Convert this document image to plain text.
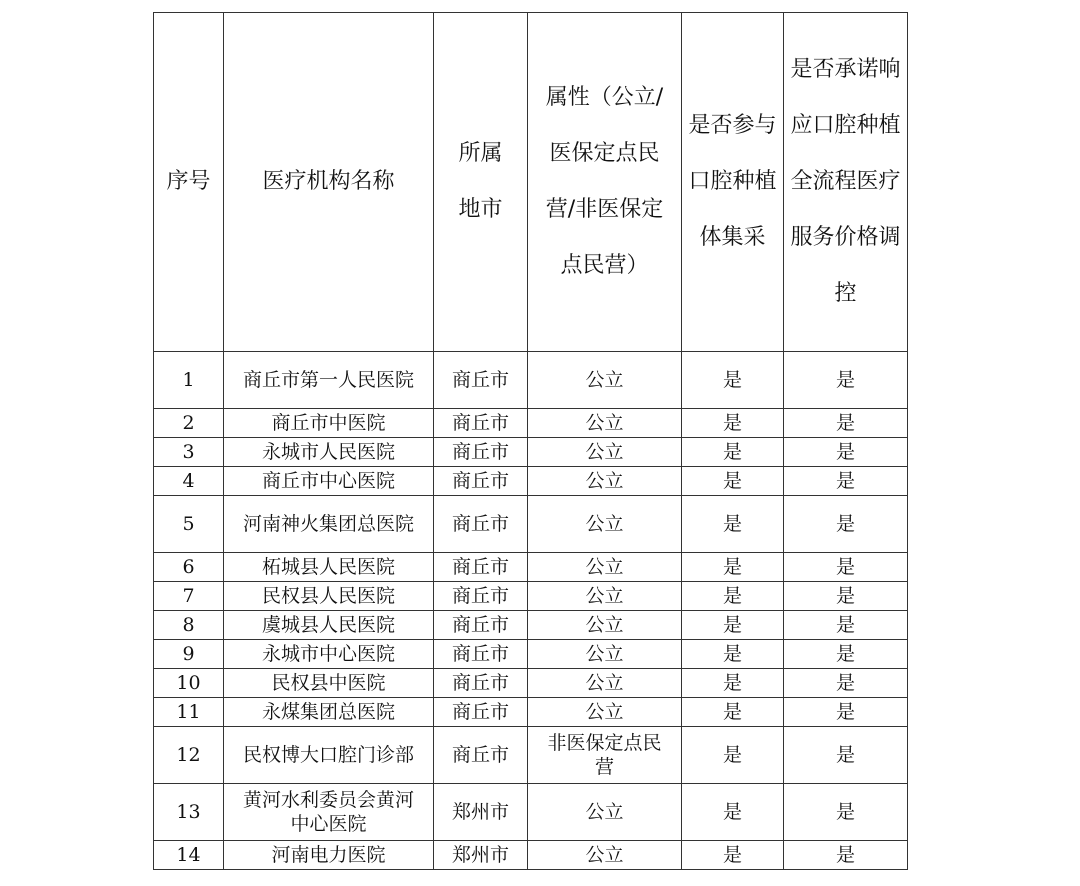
序号	医疗机构名称	所属地市	属性（公立/医保定点民营/非医保定点民营）	是否参与口腔种植体集采	是否承诺响应口腔种植全流程医疗服务价格调控
1	商丘市第一人民医院	商丘市	公立	是	是
2	商丘市中医院	商丘市	公立	是	是
3	永城市人民医院	商丘市	公立	是	是
4	商丘市中心医院	商丘市	公立	是	是
5	河南神火集团总医院	商丘市	公立	是	是
6	柘城县人民医院	商丘市	公立	是	是
7	民权县人民医院	商丘市	公立	是	是
8	虞城县人民医院	商丘市	公立	是	是
9	永城市中心医院	商丘市	公立	是	是
10	民权县中医院	商丘市	公立	是	是
11	永煤集团总医院	商丘市	公立	是	是
12	民权博大口腔门诊部	商丘市	非医保定点民营	是	是
13	黄河水利委员会黄河中心医院	郑州市	公立	是	是
14	河南电力医院	郑州市	公立	是	是
